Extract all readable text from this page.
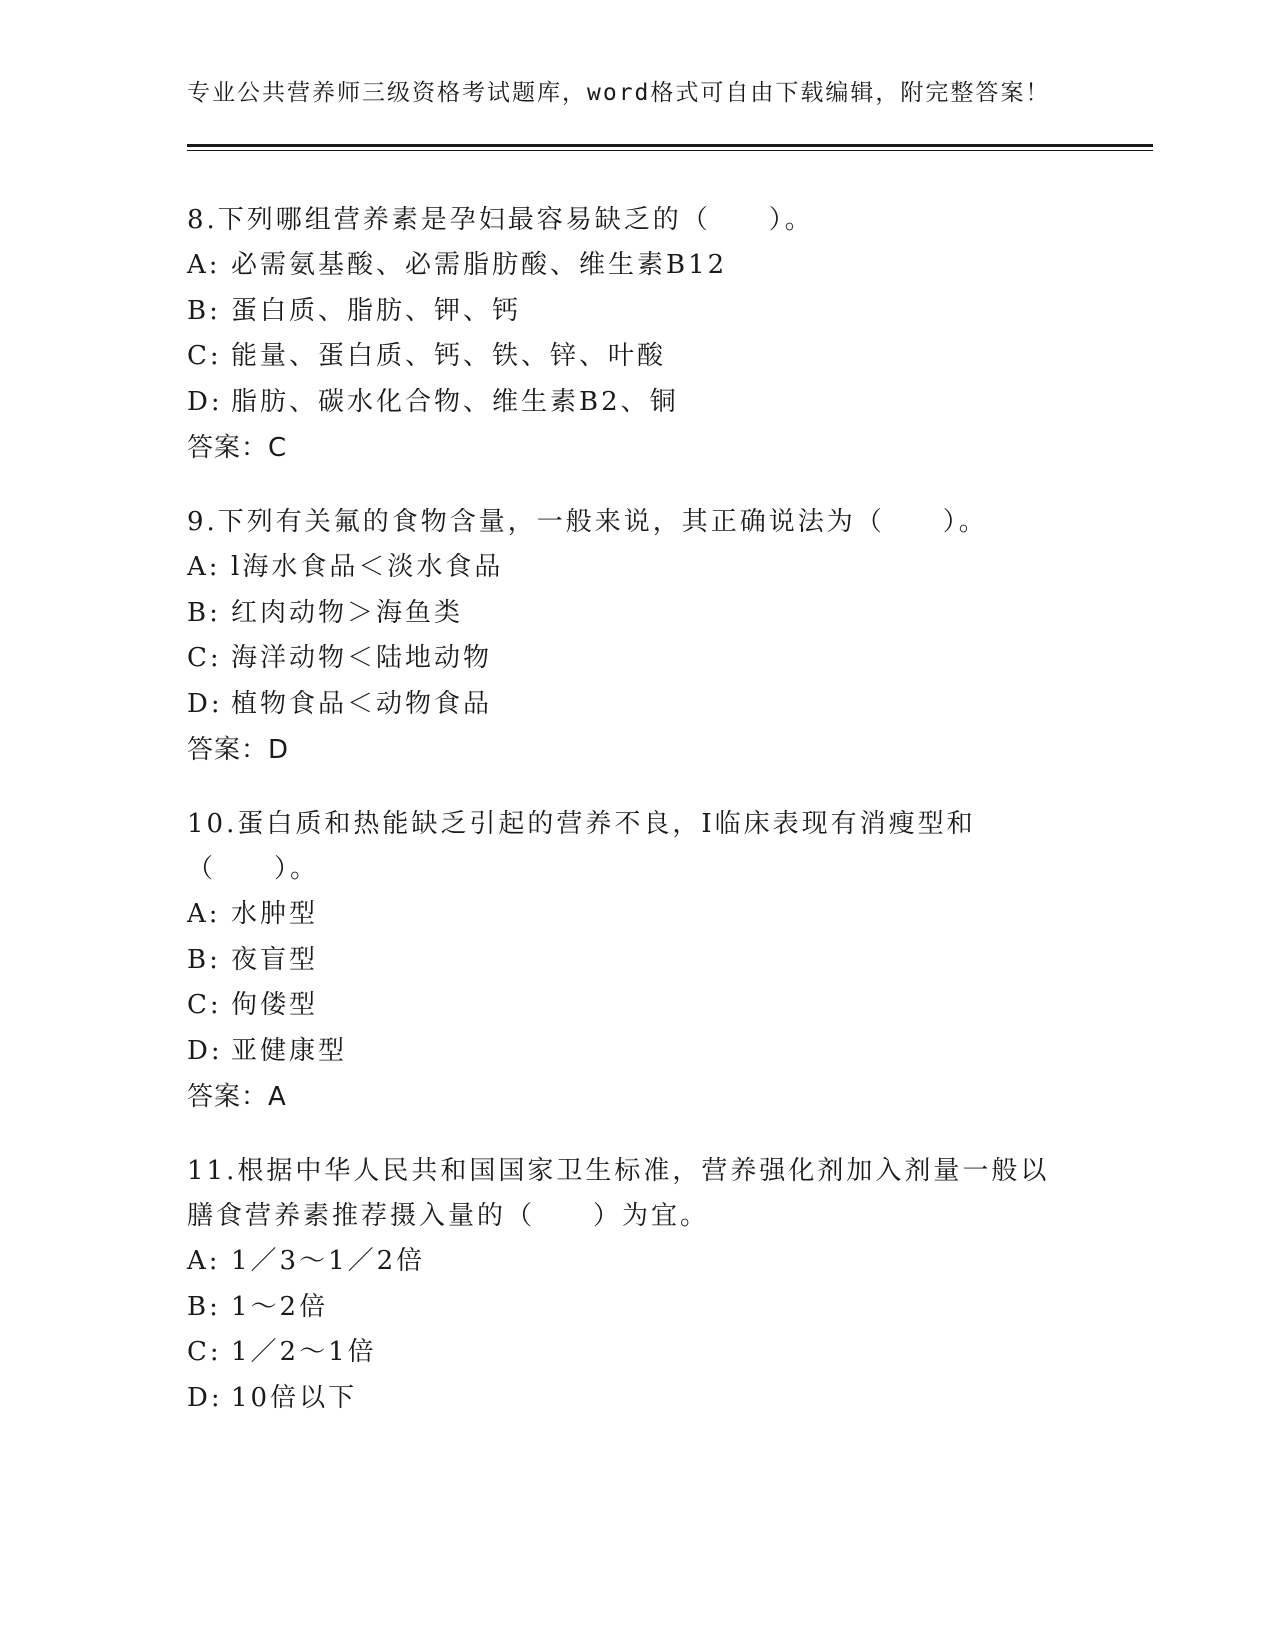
专业公共营养师三级资格考试题库，word格式可自由下载编辑，附完整答案！
8.下列哪组营养素是孕妇最容易缺乏的（　　）。
A: 必需氨基酸、必需脂肪酸、维生素B12
B: 蛋白质、脂肪、钾、钙
C: 能量、蛋白质、钙、铁、锌、叶酸
D: 脂肪、碳水化合物、维生素B2、铜
答案：C
9.下列有关氟的食物含量，一般来说，其正确说法为（　　）。
A: l海水食品＜淡水食品
B: 红肉动物＞海鱼类
C: 海洋动物＜陆地动物
D: 植物食品＜动物食品
答案：D
10.蛋白质和热能缺乏引起的营养不良，I临床表现有消瘦型和（　　）。
A: 水肿型
B: 夜盲型
C: 佝偻型
D: 亚健康型
答案：A
11.根据中华人民共和国国家卫生标准，营养强化剂加入剂量一般以膳食营养素推荐摄入量的（　　）为宜。
A: 1／3～1／2倍
B: 1～2倍
C: 1／2～1倍
D: 10倍以下
